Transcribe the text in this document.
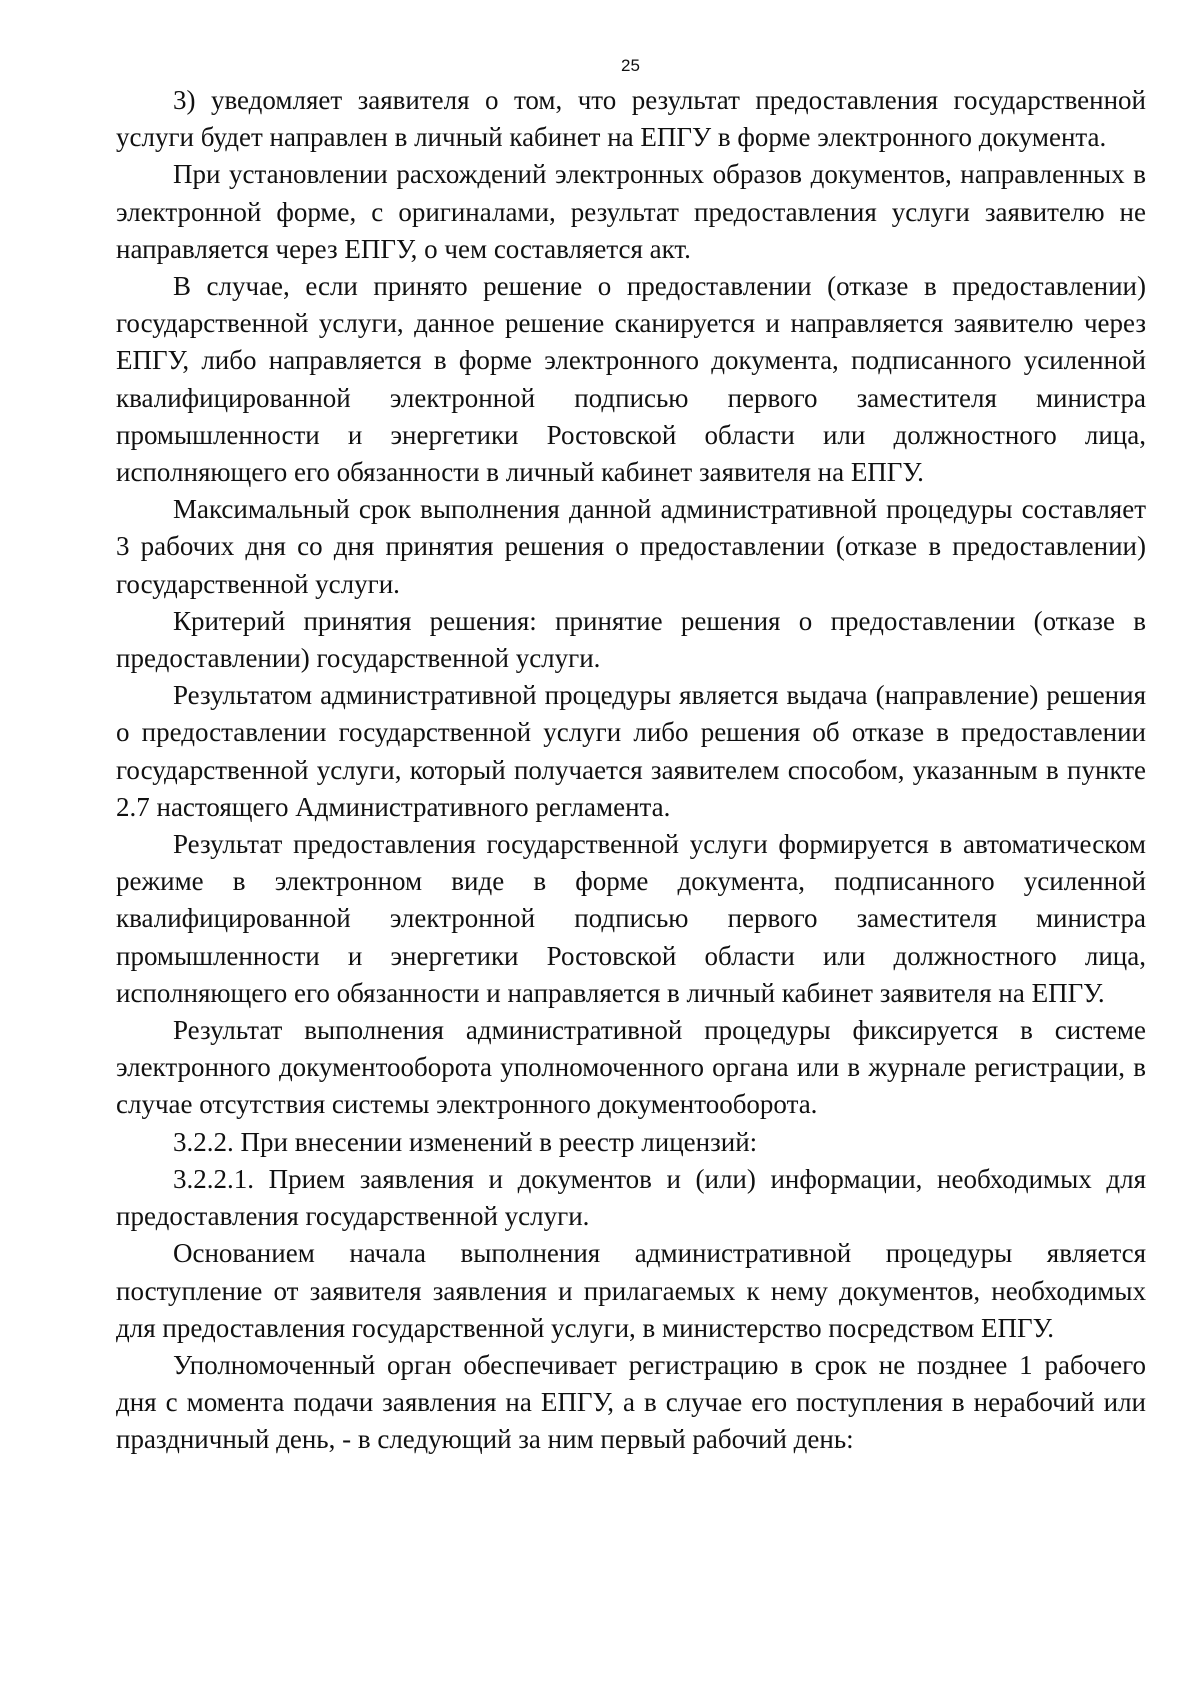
25

3) уведомляет заявителя о том, что результат предоставления государственной услуги будет направлен в личный кабинет на ЕПГУ в форме электронного документа.

При установлении расхождений электронных образов документов, направленных в электронной форме, с оригиналами, результат предоставления услуги заявителю не направляется через ЕПГУ, о чем составляется акт.

В случае, если принято решение о предоставлении (отказе в предоставлении) государственной услуги, данное решение сканируется и направляется заявителю через ЕПГУ, либо направляется в форме электронного документа, подписанного усиленной квалифицированной электронной подписью первого заместителя министра промышленности и энергетики Ростовской области или должностного лица, исполняющего его обязанности в личный кабинет заявителя на ЕПГУ.

Максимальный срок выполнения данной административной процедуры составляет 3 рабочих дня со дня принятия решения о предоставлении (отказе в предоставлении) государственной услуги.

Критерий принятия решения: принятие решения о предоставлении (отказе в предоставлении) государственной услуги.

Результатом административной процедуры является выдача (направление) решения о предоставлении государственной услуги либо решения об отказе в предоставлении государственной услуги, который получается заявителем способом, указанным в пункте 2.7 настоящего Административного регламента.

Результат предоставления государственной услуги формируется в автоматическом режиме в электронном виде в форме документа, подписанного усиленной квалифицированной электронной подписью первого заместителя министра промышленности и энергетики Ростовской области или должностного лица, исполняющего его обязанности и направляется в личный кабинет заявителя на ЕПГУ.

Результат выполнения административной процедуры фиксируется в системе электронного документооборота уполномоченного органа или в журнале регистрации, в случае отсутствия системы электронного документооборота.

3.2.2. При внесении изменений в реестр лицензий:

3.2.2.1. Прием заявления и документов и (или) информации, необходимых для предоставления государственной услуги.

Основанием начала выполнения административной процедуры является поступление от заявителя заявления и прилагаемых к нему документов, необходимых для предоставления государственной услуги, в министерство посредством ЕПГУ.

Уполномоченный орган обеспечивает регистрацию в срок не позднее 1 рабочего дня с момента подачи заявления на ЕПГУ, а в случае его поступления в нерабочий или праздничный день, - в следующий за ним первый рабочий день:
